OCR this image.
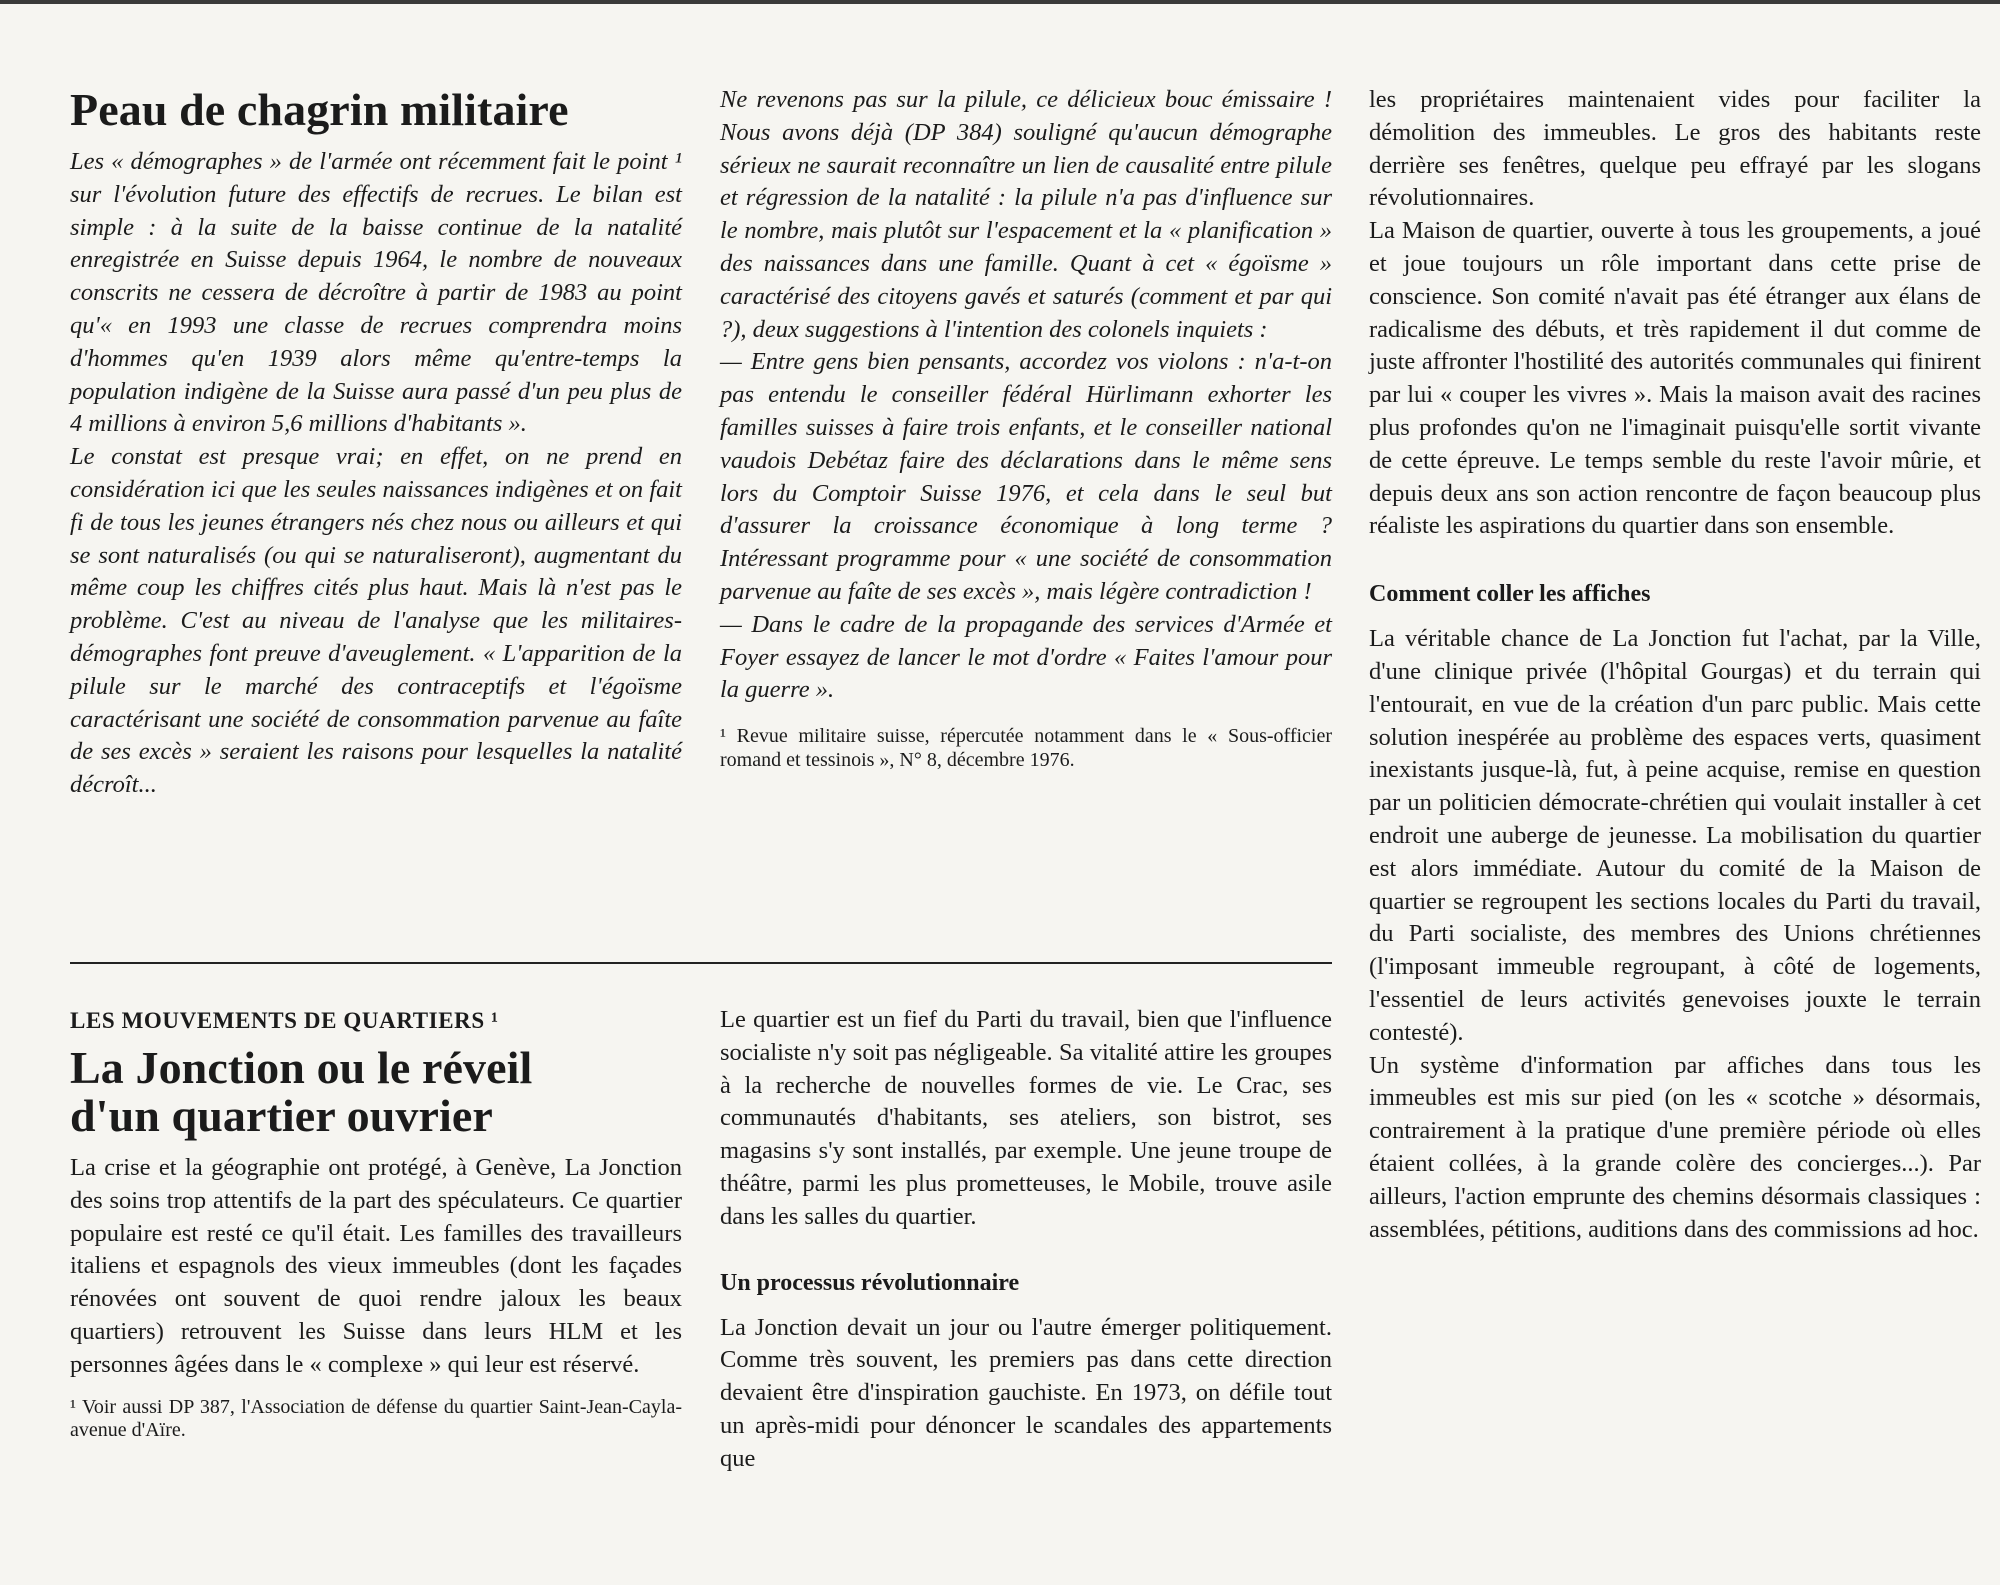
Peau de chagrin militaire

Les « démographes » de l'armée ont récemment fait le point ¹ sur l'évolution future des effectifs de recrues. Le bilan est simple : à la suite de la baisse continue de la natalité enregistrée en Suisse depuis 1964, le nombre de nouveaux conscrits ne cessera de décroître à partir de 1983 au point qu'« en 1993 une classe de recrues comprendra moins d'hommes qu'en 1939 alors même qu'entre-temps la population indigène de la Suisse aura passé d'un peu plus de 4 millions à environ 5,6 millions d'habitants ».

Le constat est presque vrai; en effet, on ne prend en considération ici que les seules naissances indigènes et on fait fi de tous les jeunes étrangers nés chez nous ou ailleurs et qui se sont naturalisés (ou qui se naturaliseront), augmentant du même coup les chiffres cités plus haut. Mais là n'est pas le problème. C'est au niveau de l'analyse que les militaires-démographes font preuve d'aveuglement. « L'apparition de la pilule sur le marché des contraceptifs et l'égoïsme caractérisant une société de consommation parvenue au faîte de ses excès » seraient les raisons pour lesquelles la natalité décroît...

Ne revenons pas sur la pilule, ce délicieux bouc émissaire ! Nous avons déjà (DP 384) souligné qu'aucun démographe sérieux ne saurait reconnaître un lien de causalité entre pilule et régression de la natalité : la pilule n'a pas d'influence sur le nombre, mais plutôt sur l'espacement et la « planification » des naissances dans une famille. Quant à cet « égoïsme » caractérisé des citoyens gavés et saturés (comment et par qui ?), deux suggestions à l'intention des colonels inquiets :

— Entre gens bien pensants, accordez vos violons : n'a-t-on pas entendu le conseiller fédéral Hürlimann exhorter les familles suisses à faire trois enfants, et le conseiller national vaudois Debétaz faire des déclarations dans le même sens lors du Comptoir Suisse 1976, et cela dans le seul but d'assurer la croissance économique à long terme ? Intéressant programme pour « une société de consommation parvenue au faîte de ses excès », mais légère contradiction !

— Dans le cadre de la propagande des services d'Armée et Foyer essayez de lancer le mot d'ordre « Faites l'amour pour la guerre ».

¹ Revue militaire suisse, répercutée notamment dans le « Sous-officier romand et tessinois », N° 8, décembre 1976.

LES MOUVEMENTS DE QUARTIERS ¹
La Jonction ou le réveil
d'un quartier ouvrier

La crise et la géographie ont protégé, à Genève, La Jonction des soins trop attentifs de la part des spéculateurs. Ce quartier populaire est resté ce qu'il était. Les familles des travailleurs italiens et espagnols des vieux immeubles (dont les façades rénovées ont souvent de quoi rendre jaloux les beaux quartiers) retrouvent les Suisse dans leurs HLM et les personnes âgées dans le « complexe » qui leur est réservé.

¹ Voir aussi DP 387, l'Association de défense du quartier Saint-Jean-Cayla-avenue d'Aïre.

Le quartier est un fief du Parti du travail, bien que l'influence socialiste n'y soit pas négligeable. Sa vitalité attire les groupes à la recherche de nouvelles formes de vie. Le Crac, ses communautés d'habitants, ses ateliers, son bistrot, ses magasins s'y sont installés, par exemple. Une jeune troupe de théâtre, parmi les plus prometteuses, le Mobile, trouve asile dans les salles du quartier.

Un processus révolutionnaire

La Jonction devait un jour ou l'autre émerger politiquement. Comme très souvent, les premiers pas dans cette direction devaient être d'inspiration gauchiste. En 1973, on défile tout un après-midi pour dénoncer le scandales des appartements que

les propriétaires maintenaient vides pour faciliter la démolition des immeubles. Le gros des habitants reste derrière ses fenêtres, quelque peu effrayé par les slogans révolutionnaires.

La Maison de quartier, ouverte à tous les groupements, a joué et joue toujours un rôle important dans cette prise de conscience. Son comité n'avait pas été étranger aux élans de radicalisme des débuts, et très rapidement il dut comme de juste affronter l'hostilité des autorités communales qui finirent par lui « couper les vivres ». Mais la maison avait des racines plus profondes qu'on ne l'imaginait puisqu'elle sortit vivante de cette épreuve. Le temps semble du reste l'avoir mûrie, et depuis deux ans son action rencontre de façon beaucoup plus réaliste les aspirations du quartier dans son ensemble.

Comment coller les affiches

La véritable chance de La Jonction fut l'achat, par la Ville, d'une clinique privée (l'hôpital Gourgas) et du terrain qui l'entourait, en vue de la création d'un parc public. Mais cette solution inespérée au problème des espaces verts, quasiment inexistants jusque-là, fut, à peine acquise, remise en question par un politicien démocrate-chrétien qui voulait installer à cet endroit une auberge de jeunesse. La mobilisation du quartier est alors immédiate. Autour du comité de la Maison de quartier se regroupent les sections locales du Parti du travail, du Parti socialiste, des membres des Unions chrétiennes (l'imposant immeuble regroupant, à côté de logements, l'essentiel de leurs activités genevoises jouxte le terrain contesté).

Un système d'information par affiches dans tous les immeubles est mis sur pied (on les « scotche » désormais, contrairement à la pratique d'une première période où elles étaient collées, à la grande colère des concierges...). Par ailleurs, l'action emprunte des chemins désormais classiques : assemblées, pétitions, auditions dans des commissions ad hoc.
